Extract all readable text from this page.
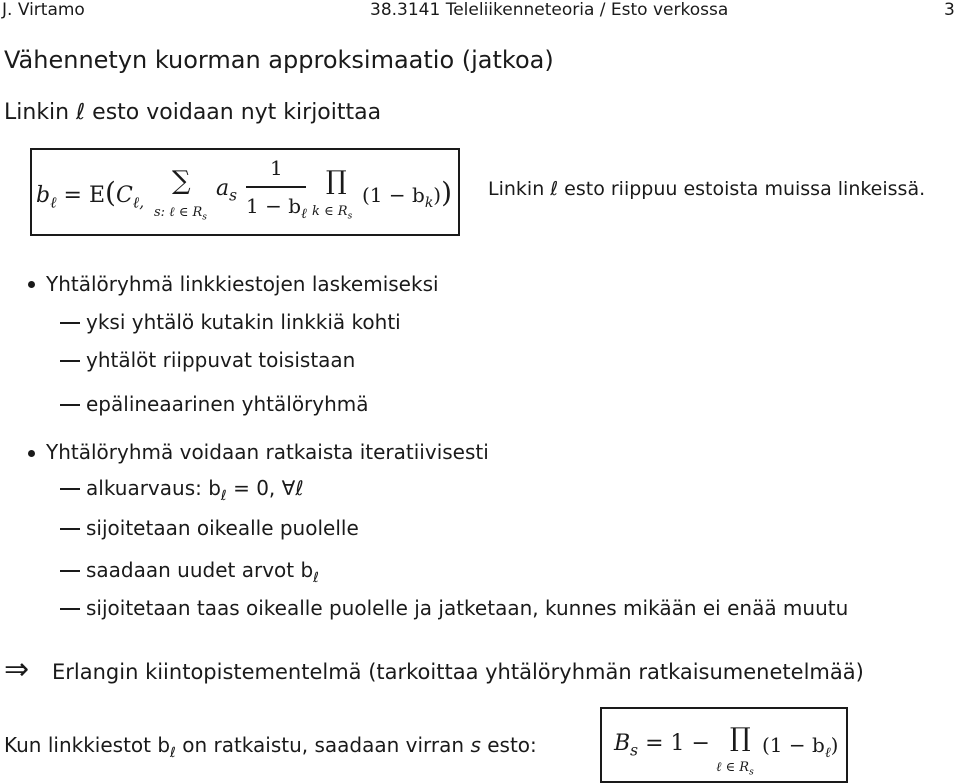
J. Virtamo	38.3141 Teleliikenneteoria / Esto verkossa	3
Vähennetyn kuorman approksimaatio (jatkoa)
Linkin ℓ esto voidaan nyt kirjoittaa
$b_\ell = E(C_{\ell,}$
∑
s: ℓ ∈ $R_s$
$a_s$
1
$1 - b_\ell$
∏
k ∈ $R_s$
$(1 - b_k)$) Linkin ℓ esto riippuu estoista muissa linkeissä.
Yhtälöryhmä linkkiestojen laskemiseksi
yksi yhtälö kutakin linkkiä kohti
yhtälöt riippuvat toisistaan
epälineaarinen yhtälöryhmä
Yhtälöryhmä voidaan ratkaista iteratiivisesti
alkuarvaus: $b_\ell = 0$, ∀ℓ
sijoitetaan oikealle puolelle
saadaan uudet arvot $b_\ell$
sijoitetaan taas oikealle puolelle ja jatketaan, kunnes mikään ei enää muutu
⇒ Erlangin kiintopistementelmä (tarkoittaa yhtälöryhmän ratkaisumenetelmää)
Kun linkkiestot $b_\ell$ on ratkaistu, saadaan virran s esto:	$B_s = 1$ − ∏
ℓ ∈ $R_s$
$(1 - b_\ell)$
